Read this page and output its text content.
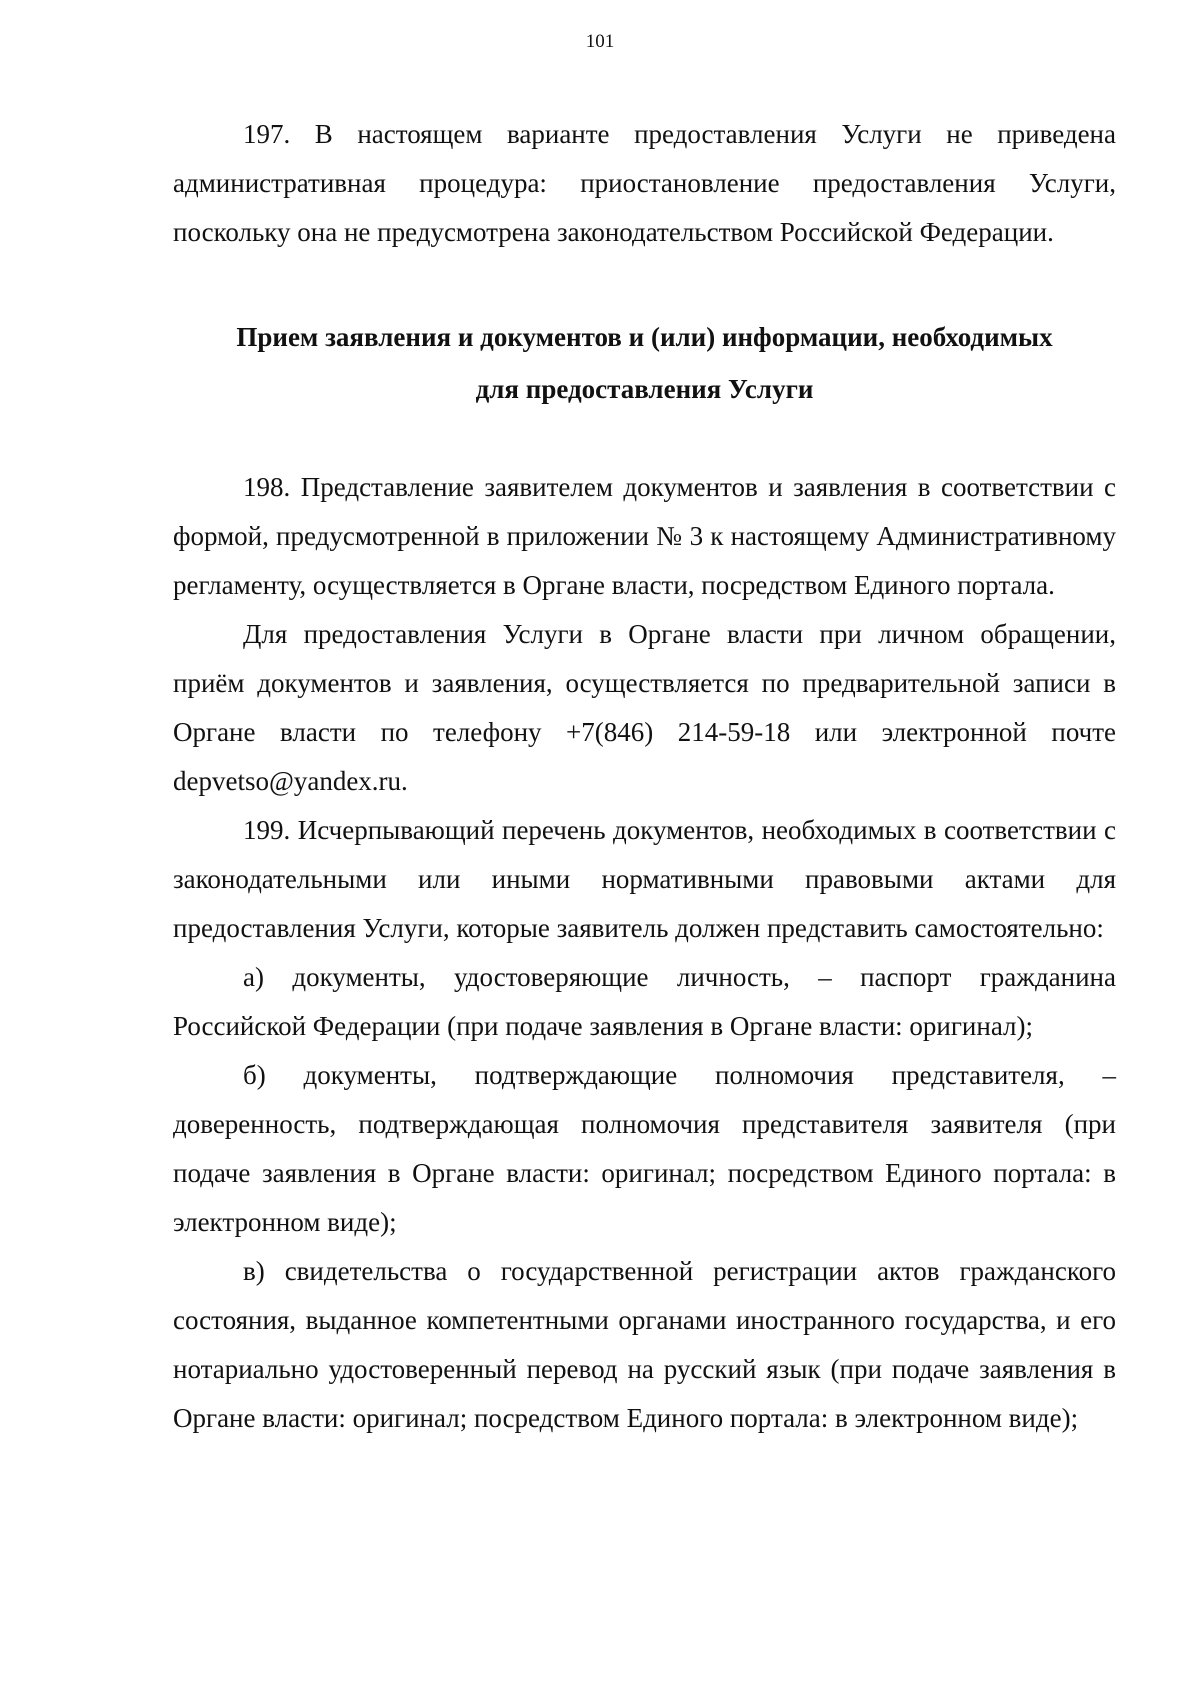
101

197. В настоящем варианте предоставления Услуги не приведена административная процедура: приостановление предоставления Услуги, поскольку она не предусмотрена законодательством Российской Федерации.

Прием заявления и документов и (или) информации, необходимых
для предоставления Услуги

198. Представление заявителем документов и заявления в соответствии с формой, предусмотренной в приложении № 3 к настоящему Административному регламенту, осуществляется в Органе власти, посредством Единого портала.

Для предоставления Услуги в Органе власти при личном обращении, приём документов и заявления, осуществляется по предварительной записи в Органе власти по телефону +7(846) 214-59-18 или электронной почте depvetso@yandex.ru.

199. Исчерпывающий перечень документов, необходимых в соответствии с законодательными или иными нормативными правовыми актами для предоставления Услуги, которые заявитель должен представить самостоятельно:

а) документы, удостоверяющие личность, – паспорт гражданина Российской Федерации (при подаче заявления в Органе власти: оригинал);

б) документы, подтверждающие полномочия представителя, – доверенность, подтверждающая полномочия представителя заявителя (при подаче заявления в Органе власти: оригинал; посредством Единого портала: в электронном виде);

в) свидетельства о государственной регистрации актов гражданского состояния, выданное компетентными органами иностранного государства, и его нотариально удостоверенный перевод на русский язык (при подаче заявления в Органе власти: оригинал; посредством Единого портала: в электронном виде);
